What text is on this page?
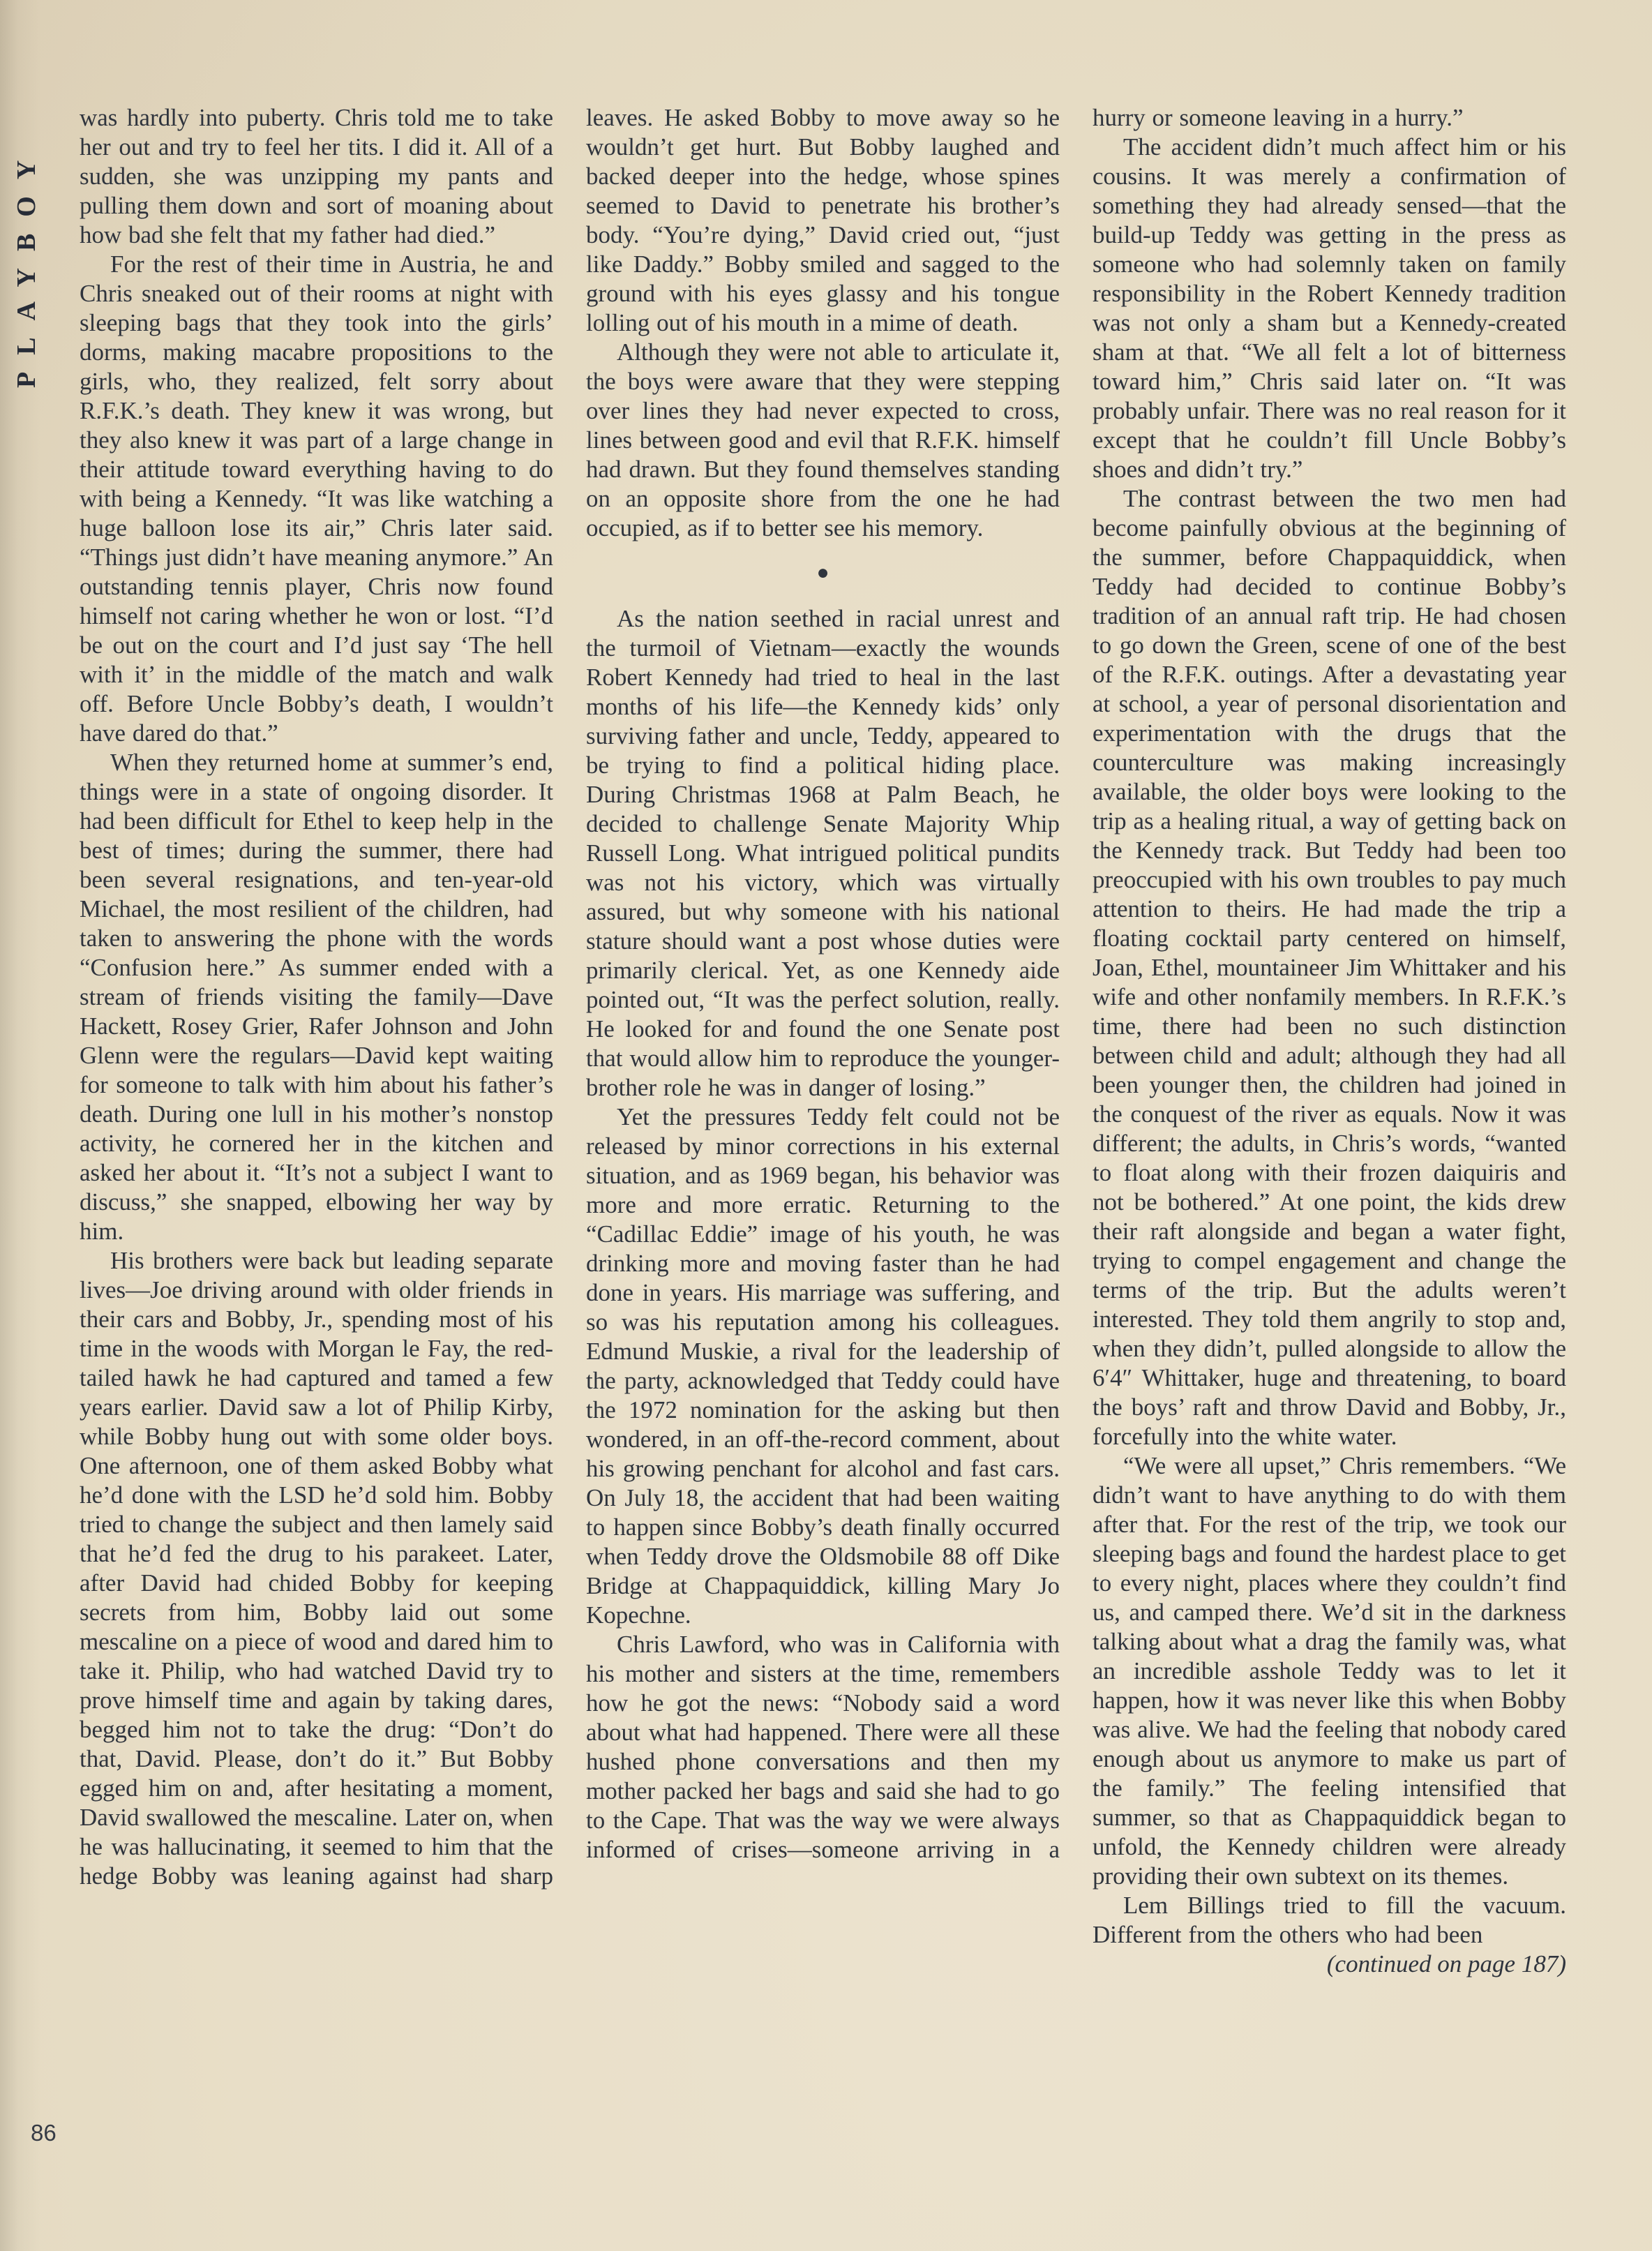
PLAYBOY

was hardly into puberty. Chris told me to take her out and try to feel her tits. I did it. All of a sudden, she was unzipping my pants and pulling them down and sort of moaning about how bad she felt that my father had died.”

For the rest of their time in Austria, he and Chris sneaked out of their rooms at night with sleeping bags that they took into the girls’ dorms, making macabre propositions to the girls, who, they realized, felt sorry about R.F.K.’s death. They knew it was wrong, but they also knew it was part of a large change in their attitude toward everything having to do with being a Kennedy. “It was like watching a huge balloon lose its air,” Chris later said. “Things just didn’t have meaning anymore.” An outstanding tennis player, Chris now found himself not caring whether he won or lost. “I’d be out on the court and I’d just say ‘The hell with it’ in the middle of the match and walk off. Before Uncle Bobby’s death, I wouldn’t have dared do that.”

When they returned home at summer’s end, things were in a state of ongoing disorder. It had been difficult for Ethel to keep help in the best of times; during the summer, there had been several resignations, and ten-year-old Michael, the most resilient of the children, had taken to answering the phone with the words “Confusion here.” As summer ended with a stream of friends visiting the family—Dave Hackett, Rosey Grier, Rafer Johnson and John Glenn were the regulars—David kept waiting for someone to talk with him about his father’s death. During one lull in his mother’s nonstop activity, he cornered her in the kitchen and asked her about it. “It’s not a subject I want to discuss,” she snapped, elbowing her way by him.

His brothers were back but leading separate lives—Joe driving around with older friends in their cars and Bobby, Jr., spending most of his time in the woods with Morgan le Fay, the red-tailed hawk he had captured and tamed a few years earlier. David saw a lot of Philip Kirby, while Bobby hung out with some older boys. One afternoon, one of them asked Bobby what he’d done with the LSD he’d sold him. Bobby tried to change the subject and then lamely said that he’d fed the drug to his parakeet. Later, after David had chided Bobby for keeping secrets from him, Bobby laid out some mescaline on a piece of wood and dared him to take it. Philip, who had watched David try to prove himself time and again by taking dares, begged him not to take the drug: “Don’t do that, David. Please, don’t do it.” But Bobby egged him on and, after hesitating a moment, David swallowed the mescaline. Later on, when he was hallucinating, it seemed to him that the hedge Bobby was leaning against had sharp

leaves. He asked Bobby to move away so he wouldn’t get hurt. But Bobby laughed and backed deeper into the hedge, whose spines seemed to David to penetrate his brother’s body. “You’re dying,” David cried out, “just like Daddy.” Bobby smiled and sagged to the ground with his eyes glassy and his tongue lolling out of his mouth in a mime of death.

Although they were not able to articulate it, the boys were aware that they were stepping over lines they had never expected to cross, lines between good and evil that R.F.K. himself had drawn. But they found themselves standing on an opposite shore from the one he had occupied, as if to better see his memory.

●

As the nation seethed in racial unrest and the turmoil of Vietnam—exactly the wounds Robert Kennedy had tried to heal in the last months of his life—the Kennedy kids’ only surviving father and uncle, Teddy, appeared to be trying to find a political hiding place. During Christmas 1968 at Palm Beach, he decided to challenge Senate Majority Whip Russell Long. What intrigued political pundits was not his victory, which was virtually assured, but why someone with his national stature should want a post whose duties were primarily clerical. Yet, as one Kennedy aide pointed out, “It was the perfect solution, really. He looked for and found the one Senate post that would allow him to reproduce the younger-brother role he was in danger of losing.”

Yet the pressures Teddy felt could not be released by minor corrections in his external situation, and as 1969 began, his behavior was more and more erratic. Returning to the “Cadillac Eddie” image of his youth, he was drinking more and moving faster than he had done in years. His marriage was suffering, and so was his reputation among his colleagues. Edmund Muskie, a rival for the leadership of the party, acknowledged that Teddy could have the 1972 nomination for the asking but then wondered, in an off-the-record comment, about his growing penchant for alcohol and fast cars. On July 18, the accident that had been waiting to happen since Bobby’s death finally occurred when Teddy drove the Oldsmobile 88 off Dike Bridge at Chappaquiddick, killing Mary Jo Kopechne.

Chris Lawford, who was in California with his mother and sisters at the time, remembers how he got the news: “Nobody said a word about what had happened. There were all these hushed phone conversations and then my mother packed her bags and said she had to go to the Cape. That was the way we were always informed of crises—someone arriving in a

hurry or someone leaving in a hurry.”

The accident didn’t much affect him or his cousins. It was merely a confirmation of something they had already sensed—that the build-up Teddy was getting in the press as someone who had solemnly taken on family responsibility in the Robert Kennedy tradition was not only a sham but a Kennedy-created sham at that. “We all felt a lot of bitterness toward him,” Chris said later on. “It was probably unfair. There was no real reason for it except that he couldn’t fill Uncle Bobby’s shoes and didn’t try.”

The contrast between the two men had become painfully obvious at the beginning of the summer, before Chappaquiddick, when Teddy had decided to continue Bobby’s tradition of an annual raft trip. He had chosen to go down the Green, scene of one of the best of the R.F.K. outings. After a devastating year at school, a year of personal disorientation and experimentation with the drugs that the counterculture was making increasingly available, the older boys were looking to the trip as a healing ritual, a way of getting back on the Kennedy track. But Teddy had been too preoccupied with his own troubles to pay much attention to theirs. He had made the trip a floating cocktail party centered on himself, Joan, Ethel, mountaineer Jim Whittaker and his wife and other nonfamily members. In R.F.K.’s time, there had been no such distinction between child and adult; although they had all been younger then, the children had joined in the conquest of the river as equals. Now it was different; the adults, in Chris’s words, “wanted to float along with their frozen daiquiris and not be bothered.” At one point, the kids drew their raft alongside and began a water fight, trying to compel engagement and change the terms of the trip. But the adults weren’t interested. They told them angrily to stop and, when they didn’t, pulled alongside to allow the 6′4″ Whittaker, huge and threatening, to board the boys’ raft and throw David and Bobby, Jr., forcefully into the white water.

“We were all upset,” Chris remembers. “We didn’t want to have anything to do with them after that. For the rest of the trip, we took our sleeping bags and found the hardest place to get to every night, places where they couldn’t find us, and camped there. We’d sit in the darkness talking about what a drag the family was, what an incredible asshole Teddy was to let it happen, how it was never like this when Bobby was alive. We had the feeling that nobody cared enough about us anymore to make us part of the family.” The feeling intensified that summer, so that as Chappaquiddick began to unfold, the Kennedy children were already providing their own subtext on its themes.

Lem Billings tried to fill the vacuum. Different from the others who had been

(continued on page 187)

86
